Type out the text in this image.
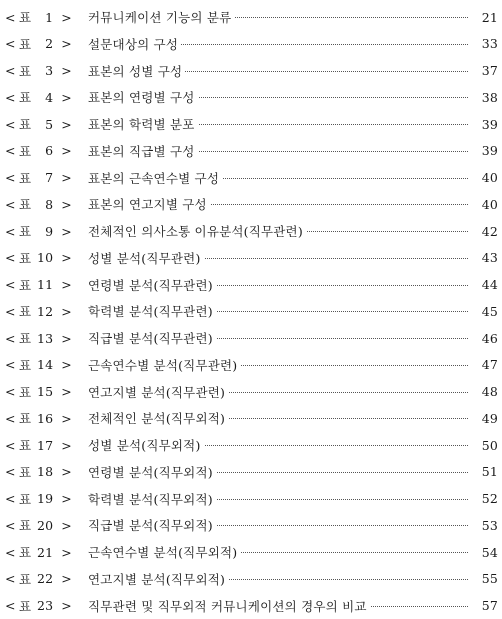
< 표	1 > 커뮤니케이션 기능의 분류	21
< 표	2 > 설문대상의 구성	33
< 표	3 > 표본의 성별 구성	37
< 표	4 > 표본의 연령별 구성	38
< 표	5 > 표본의 학력별 분포	39
< 표	6 > 표본의 직급별 구성	39
< 표	7 > 표본의 근속연수별 구성	40
< 표	8 > 표본의 연고지별 구성	40
< 표	9 > 전체적인 의사소통 이유분석(직무관련)	42
< 표 10 > 성별 분석(직무관련)	43
< 표 11 > 연령별 분석(직무관련)	44
< 표 12 > 학력별 분석(직무관련)	45
< 표 13 > 직급별 분석(직무관련)	46
< 표 14 > 근속연수별 분석(직무관련)	47
< 표 15 > 연고지별 분석(직무관련)	48
< 표 16 > 전체적인 분석(직무외적)	49
< 표 17 > 성별 분석(직무외적)	50
< 표 18 > 연령별 분석(직무외적)	51
< 표 19 > 학력별 분석(직무외적)	52
< 표 20 > 직급별 분석(직무외적)	53
< 표 21 > 근속연수별 분석(직무외적)	54
< 표 22 > 연고지별 분석(직무외적)	55
< 표 23 > 직무관련 및 직무외적 커뮤니케이션의 경우의 비교	57
